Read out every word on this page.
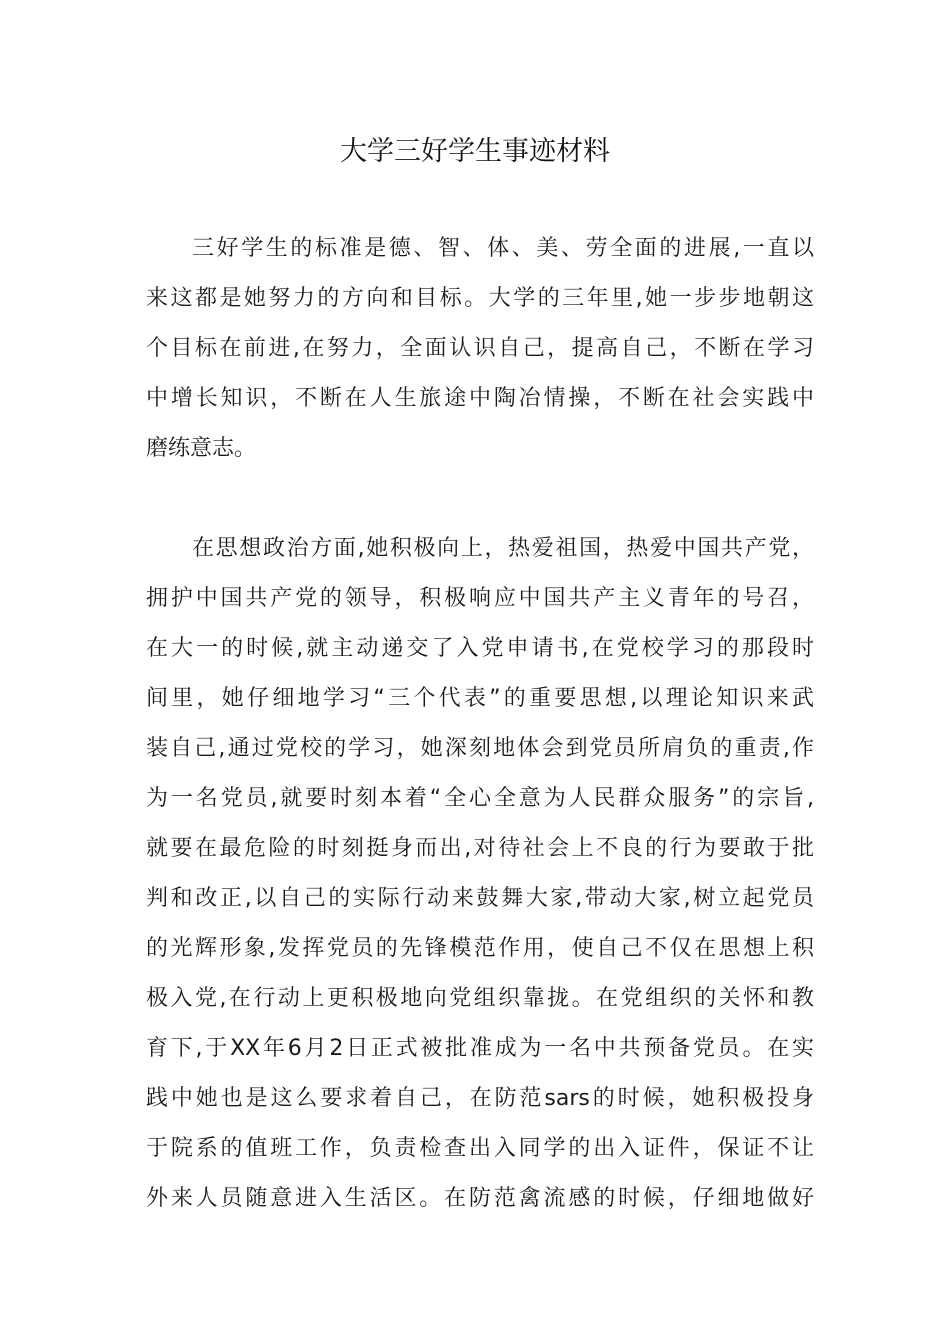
大学三好学生事迹材料
三好学生的标准是德、智、体、美、劳全面的进展,一直以
来这都是她努力的方向和目标。大学的三年里,她一步步地朝这
个目标在前进,在努力，全面认识自己，提高自己，不断在学习
中增长知识，不断在人生旅途中陶冶情操，不断在社会实践中
磨练意志。
在思想政治方面,她积极向上，热爱祖国，热爱中国共产党，
拥护中国共产党的领导，积极响应中国共产主义青年的号召，
在大一的时候,就主动递交了入党申请书,在党校学习的那段时
间里，她仔细地学习“三个代表”的重要思想,以理论知识来武
装自己,通过党校的学习，她深刻地体会到党员所肩负的重责,作
为一名党员,就要时刻本着“全心全意为人民群众服务”的宗旨,
就要在最危险的时刻挺身而出,对待社会上不良的行为要敢于批
判和改正,以自己的实际行动来鼓舞大家,带动大家,树立起党员
的光辉形象,发挥党员的先锋模范作用，使自己不仅在思想上积
极入党,在行动上更积极地向党组织靠拢。在党组织的关怀和教
育下,于XX年6月2日正式被批准成为一名中共预备党员。在实
践中她也是这么要求着自己，在防范sars的时候，她积极投身
于院系的值班工作，负责检查出入同学的出入证件，保证不让
外来人员随意进入生活区。在防范禽流感的时候，仔细地做好
